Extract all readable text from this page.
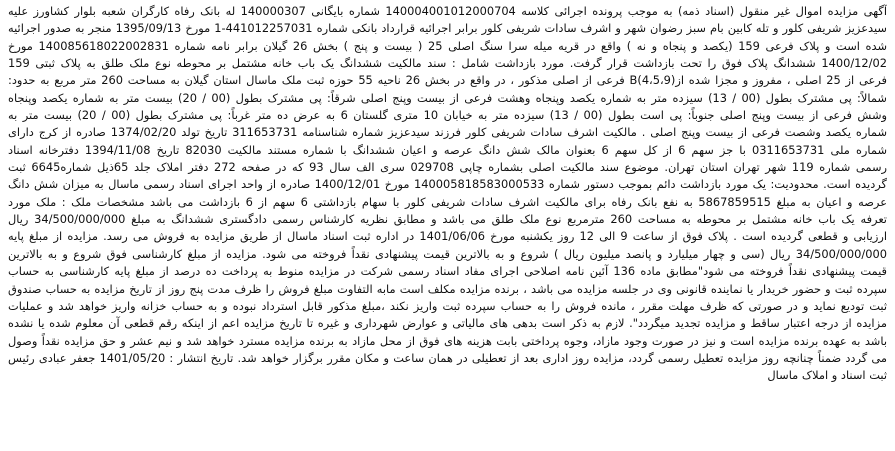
آگهی مزایده اموال غیر منقول (اسناد ذمه) به موجب پرونده اجرائی کلاسه 140004001012000704 شماره بایگانی 140000307 له بانک رفاه کارگران شعبه بلوار کشاورز علیه
سیدعزیز شریفی کلور و تله کابین بام سبز رضوان شهر و اشرف سادات شریفی کلور برابر اجرائیه قرارداد بانکی شماره 441012257031-1 مورخ 1395/09/13 منجر به صدور اجرائیه
شده است و پلاک فرعی 159 (یکصد و پنجاه و نه ) واقع در قریه میله سرا سنگ اصلی 25 ( بیست و پنج ) بخش 26 گیلان برابر نامه شماره 140085618022002831 مورخ
1400/12/02 ششدانگ پلاک فوق را تحت بازداشت قرار گرفت. مورد بازداشت شامل : سند مالکیت ششدانگ یک باب خانه مشتمل بر محوطه نوع ملک طلق به پلاک ثبتی 159
فرعی از 25 اصلی ، مفروز و مجزا شده از(4،5،9)B فرعی از اصلی مذکور ، در واقع در بخش 26 ناحیه 55 حوزه ثبت ملک ماسال استان گیلان به مساحت 260 متر مربع به حدود:
شمالاً: پی مشترک بطول (00 / 13) سیزده متر به شماره یکصد وپنجاه وهشت فرعی از بیست وپنج اصلی شرقاً: پی مشترک بطول (00 / 20) بیست متر به شماره یکصد وپنجاه
وشش فرعی از بیست وپنج اصلی جنوباً: پی است بطول (00 / 13) سیزده متر به خیابان 10 متری گلستان 6 به عرض ده متر غرباً: پی مشترک بطول (00 / 20) بیست متر به
شماره یکصد وشصت فرعی از بیست وپنج اصلی . مالکیت اشرف سادات شریفی کلور فرزند سیدعزیز شماره شناسنامه 311653731 تاریخ تولد 1374/02/20 صادره از کرج دارای
شماره ملی 0311653731 با جز سهم 6 از کل سهم 6 بعنوان مالک شش دانگ عرصه و اعیان ششدانگ با شماره مستند مالکیت 82030 تاریخ 1394/11/08 دفترخانه اسناد
رسمی شماره 119 شهر تهران استان تهران. موضوع سند مالکیت اصلی بشماره چاپی 029708 سری الف سال 93 که در صفحه 272 دفتر املاک جلد 65ذیل شماره6645 ثبت
گردیده است. محدودیت: یک مورد بازداشت دائم بموجب دستور شماره 140005818583000533 مورخ 1400/12/01 صادره از واحد اجرای اسناد رسمی ماسال به میزان شش دانگ
عرصه و اعیان به مبلغ 5867859515 به نفع بانک رفاه برای مالکیت اشرف سادات شریفی کلور با سهام بازداشتی 6 سهم از 6 بازداشت می باشد مشخصات ملک : ملک مورد
تعرفه یک باب خانه مشتمل بر محوطه به مساحت 260 مترمربع نوع ملک طلق می باشد و مطابق نظریه کارشناس رسمی دادگستری ششدانگ به مبلغ 34/500/000/000 ریال
ارزیابی و قطعی گردیده است . پلاک فوق از ساعت 9 الی 12 روز یکشنبه مورخ 1401/06/06 در اداره ثبت اسناد ماسال از طریق مزایده به فروش می رسد. مزایده از مبلغ پایه
34/500/000/000 ریال (سی و چهار میلیارد و پانصد میلیون ریال ) شروع و به بالاترین قیمت پیشنهادی نقداً فروخته می شود. مزایده از مبلغ کارشناسی فوق شروع و به بالاترین
قیمت پیشنهادی نقداً فروخته می شود"مطابق ماده 136 آئین نامه اصلاحی اجرای مفاد اسناد رسمی شرکت در مزایده منوط به پرداخت ده درصد از مبلغ پایه کارشناسی به حساب
سپرده ثبت و حضور خریدار یا نماینده قانونی وی در جلسه مزایده می باشد ، برنده مزایده مکلف است مابه التفاوت مبلغ فروش را ظرف مدت پنج روز از تاریخ مزایده به حساب صندوق
ثبت تودیع نماید و در صورتی که ظرف مهلت مقرر ، مانده فروش را به حساب سپرده ثبت واریز نکند ،مبلغ مذکور قابل استرداد نبوده و به حساب خزانه واریز خواهد شد و عملیات
مزایده از درجه اعتبار ساقط و مزایده تجدید میگردد". لازم به ذکر است بدهی های مالیاتی و عوارض شهرداری و غیره تا تاریخ مزایده اعم از اینکه رقم قطعی آن معلوم شده یا نشده
باشد به عهده برنده مزایده است و نیز در صورت وجود مازاد، وجوه پرداختی بابت هزینه های فوق از محل مازاد به برنده مزایده مسترد خواهد شد و نیم عشر و حق مزایده نقداً وصول
می گردد ضمناً چنانچه روز مزایده تعطیل رسمی گردد، مزایده روز اداری بعد از تعطیلی در همان ساعت و مکان مقرر برگزار خواهد شد. تاریخ انتشار : 1401/05/20 جعفر عبادی رئیس
ثبت اسناد و املاک ماسال
